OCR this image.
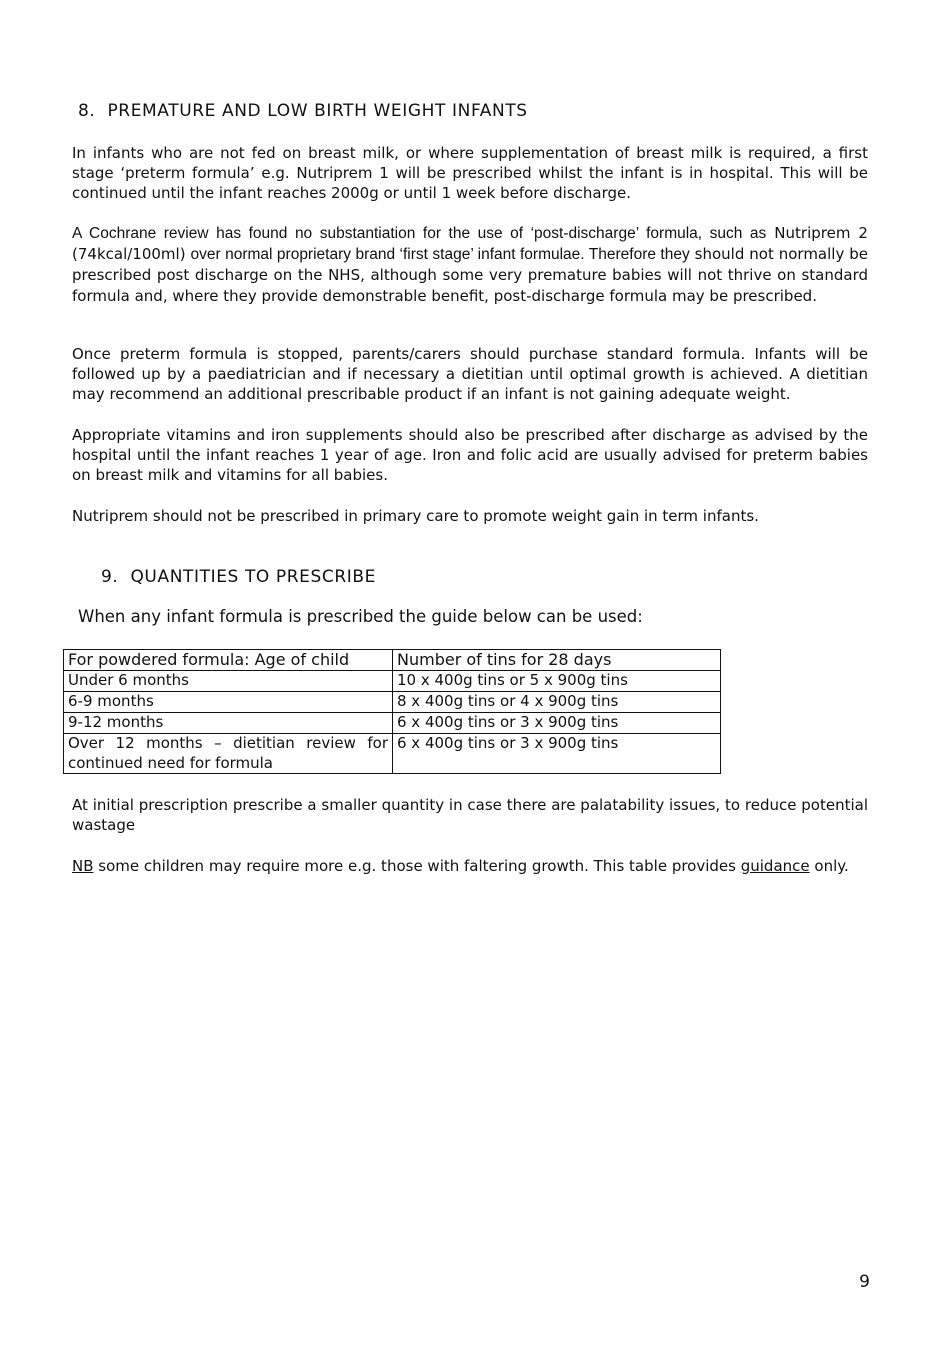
8. PREMATURE AND LOW BIRTH WEIGHT INFANTS

In infants who are not fed on breast milk, or where supplementation of breast milk is required, a first stage ‘preterm formula’ e.g. Nutriprem 1 will be prescribed whilst the infant is in hospital. This will be continued until the infant reaches 2000g or until 1 week before discharge.

A Cochrane review has found no substantiation for the use of ‘post-discharge’ formula, such as Nutriprem 2 (74kcal/100ml) over normal proprietary brand ‘first stage’ infant formulae. Therefore they should not normally be prescribed post discharge on the NHS, although some very premature babies will not thrive on standard formula and, where they provide demonstrable benefit, post-discharge formula may be prescribed.

Once preterm formula is stopped, parents/carers should purchase standard formula. Infants will be followed up by a paediatrician and if necessary a dietitian until optimal growth is achieved. A dietitian may recommend an additional prescribable product if an infant is not gaining adequate weight.

Appropriate vitamins and iron supplements should also be prescribed after discharge as advised by the hospital until the infant reaches 1 year of age. Iron and folic acid are usually advised for preterm babies on breast milk and vitamins for all babies.

Nutriprem should not be prescribed in primary care to promote weight gain in term infants.

9. QUANTITIES TO PRESCRIBE

When any infant formula is prescribed the guide below can be used:

For powdered formula: Age of child	Number of tins for 28 days
Under 6 months	10 x 400g tins or 5 x 900g tins
6-9 months	8 x 400g tins or 4 x 900g tins
9-12 months	6 x 400g tins or 3 x 900g tins
Over 12 months – dietitian review for continued need for formula	6 x 400g tins or 3 x 900g tins

At initial prescription prescribe a smaller quantity in case there are palatability issues, to reduce potential wastage

NB some children may require more e.g. those with faltering growth. This table provides guidance only.

9
